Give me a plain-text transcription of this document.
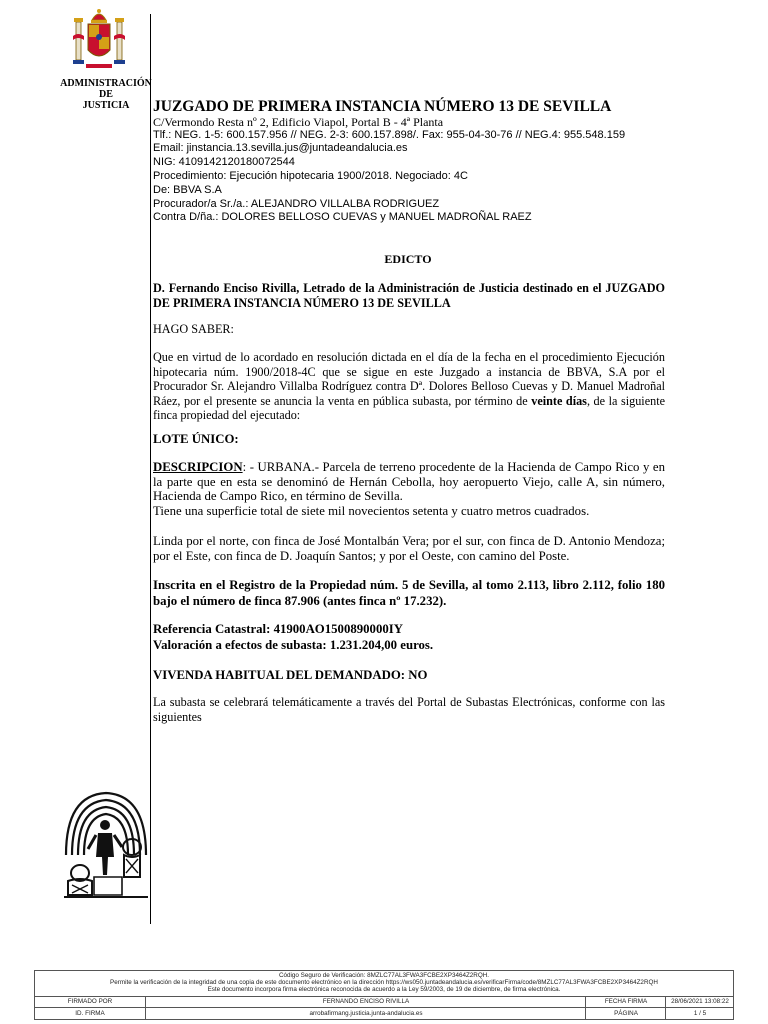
ADMINISTRACIÓN
DE
JUSTICIA	JUZGADO DE PRIMERA INSTANCIA NÚMERO 13 DE SEVILLA
C/Vermondo Resta nº 2, Edificio Viapol, Portal B - 4ª Planta
Tlf.: NEG. 1-5: 600.157.956 // NEG. 2-3: 600.157.898/. Fax: 955-04-30-76 // NEG.4: 955.548.159
Email: jinstancia.13.sevilla.jus@juntadeandalucia.es
NIG: 4109142120180072544
Procedimiento: Ejecución hipotecaria 1900/2018. Negociado: 4C
De: BBVA S.A
Procurador/a Sr./a.: ALEJANDRO VILLALBA RODRIGUEZ
Contra D/ña.: DOLORES BELLOSO CUEVAS y MANUEL MADROÑAL RAEZ
EDICTO
D. Fernando Enciso Rivilla, Letrado de la Administración de Justicia destinado en el JUZGADO DE PRIMERA INSTANCIA NÚMERO 13 DE SEVILLA
HAGO SABER:
Que en virtud de lo acordado en resolución dictada en el día de la fecha en el procedimiento Ejecución hipotecaria núm. 1900/2018-4C que se sigue en este Juzgado a instancia de BBVA, S.A por el Procurador Sr. Alejandro Villalba Rodríguez contra Dª. Dolores Belloso Cuevas y D. Manuel Madroñal Ráez, por el presente se anuncia la venta en pública subasta, por término de veinte días, de la siguiente finca propiedad del ejecutado:
LOTE ÚNICO:
DESCRIPCION: - URBANA.- Parcela de terreno procedente de la Hacienda de Campo Rico y en la parte que en esta se denominó de Hernán Cebolla, hoy aeropuerto Viejo, calle A, sin número, Hacienda de Campo Rico, en término de Sevilla.
Tiene una superficie total de siete mil novecientos setenta y cuatro metros cuadrados.
Linda por el norte, con finca de José Montalbán Vera; por el sur, con finca de D. Antonio Mendoza; por el Este, con finca de D. Joaquín Santos; y por el Oeste, con camino del Poste.
Inscrita en el Registro de la Propiedad núm. 5 de Sevilla, al tomo 2.113, libro 2.112, folio 180 bajo el número de finca 87.906 (antes finca nº 17.232).
Referencia Catastral: 41900AO1500890000IY
Valoración a efectos de subasta: 1.231.204,00 euros.
VIVENDA HABITUAL DEL DEMANDADO: NO
La subasta se celebrará telemáticamente a través del Portal de Subastas Electrónicas, conforme con las siguientes
Código Seguro de Verificación: 8MZLC77AL3FWA3FCBE2XP3464Z2RQH.
Permite la verificación de la integridad de una copia de este documento electrónico en la dirección https://ws050.juntadeandalucia.es/verificarFirma/code/8MZLC77AL3FWA3FCBE2XP3464Z2RQH
Este documento incorpora firma electrónica reconocida de acuerdo a la Ley 59/2003, de 19 de diciembre, de firma electrónica.
FIRMADO POR	FERNANDO ENCISO RIVILLA	FECHA FIRMA	28/06/2021 13:08:22
ID. FIRMA	arrobafirmang.justicia.junta-andalucia.es	PÁGINA	1 / 5
